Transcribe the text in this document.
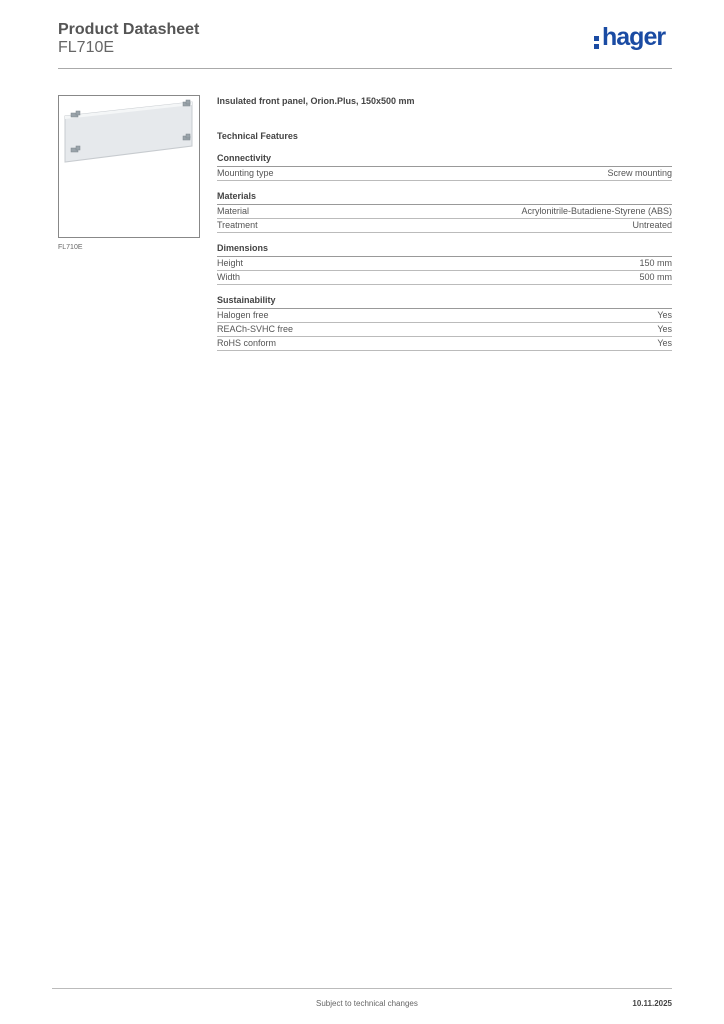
Product Datasheet
FL710E	hager
FL710E
Insulated front panel, Orion.Plus, 150x500 mm
Technical Features
Connectivity
Mounting type	Screw mounting
Materials
Material	Acrylonitrile-Butadiene-Styrene (ABS)
Treatment	Untreated
Dimensions
Height	150 mm
Width	500 mm
Sustainability
Halogen free	Yes
REACh-SVHC free	Yes
RoHS conform	Yes
Subject to technical changes	10.11.2025
